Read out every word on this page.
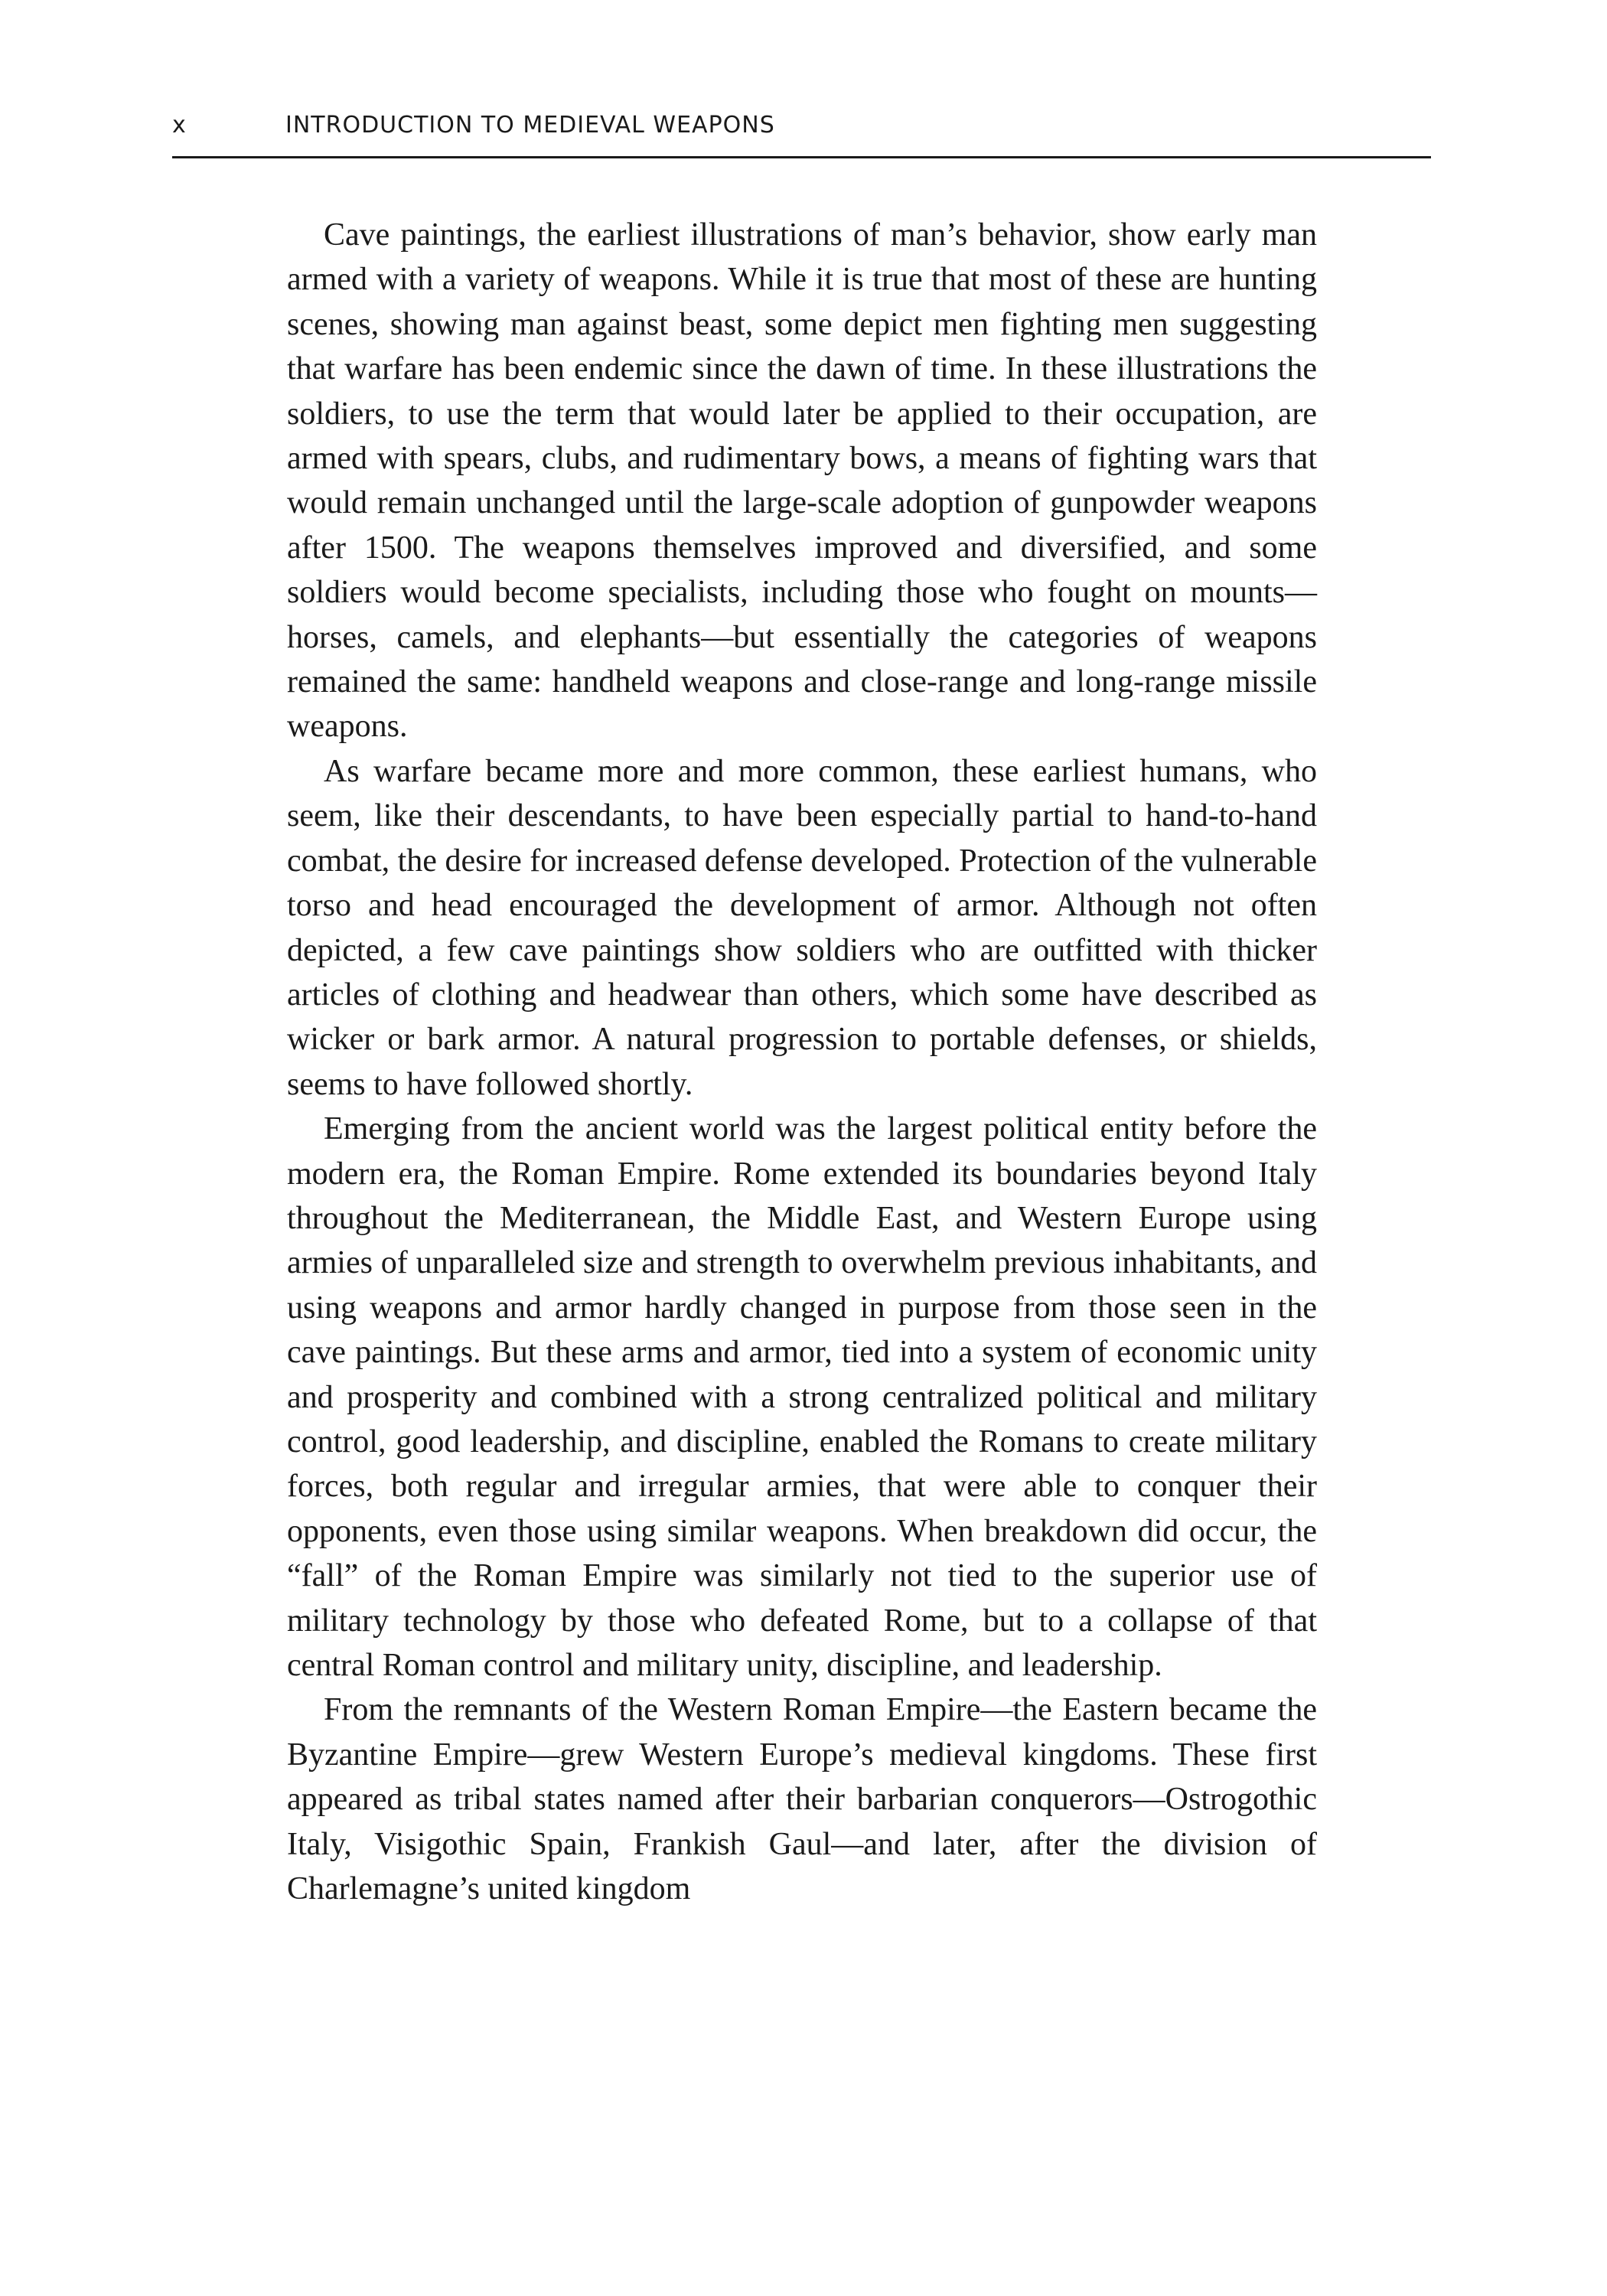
x	INTRODUCTION TO MEDIEVAL WEAPONS

Cave paintings, the earliest illustrations of man’s behavior, show early man armed with a variety of weapons. While it is true that most of these are hunting scenes, showing man against beast, some depict men fighting men suggesting that warfare has been endemic since the dawn of time. In these illustrations the soldiers, to use the term that would later be applied to their occupation, are armed with spears, clubs, and rudimentary bows, a means of fighting wars that would remain unchanged until the large-scale adoption of gunpowder weapons after 1500. The weapons themselves improved and diversified, and some soldiers would become specialists, including those who fought on mounts—horses, camels, and elephants—but essentially the categories of weapons remained the same: handheld weapons and close-range and long-range missile weapons.

As warfare became more and more common, these earliest humans, who seem, like their descendants, to have been especially partial to hand-to-hand combat, the desire for increased defense developed. Protection of the vulnerable torso and head encouraged the development of armor. Although not often depicted, a few cave paintings show soldiers who are outfitted with thicker articles of clothing and headwear than others, which some have described as wicker or bark armor. A natural progression to portable defenses, or shields, seems to have followed shortly.

Emerging from the ancient world was the largest political entity before the modern era, the Roman Empire. Rome extended its boundaries beyond Italy throughout the Mediterranean, the Middle East, and Western Europe using armies of unparalleled size and strength to overwhelm previous inhabitants, and using weapons and armor hardly changed in purpose from those seen in the cave paintings. But these arms and armor, tied into a system of economic unity and prosperity and combined with a strong centralized political and military control, good leadership, and discipline, enabled the Romans to create military forces, both regular and irregular armies, that were able to conquer their opponents, even those using similar weapons. When breakdown did occur, the “fall” of the Roman Empire was similarly not tied to the superior use of military technology by those who defeated Rome, but to a collapse of that central Roman control and military unity, discipline, and leadership.

From the remnants of the Western Roman Empire—the Eastern became the Byzantine Empire—grew Western Europe’s medieval kingdoms. These first appeared as tribal states named after their barbarian conquerors—Ostrogothic Italy, Visigothic Spain, Frankish Gaul—and later, after the division of Charlemagne’s united kingdom
